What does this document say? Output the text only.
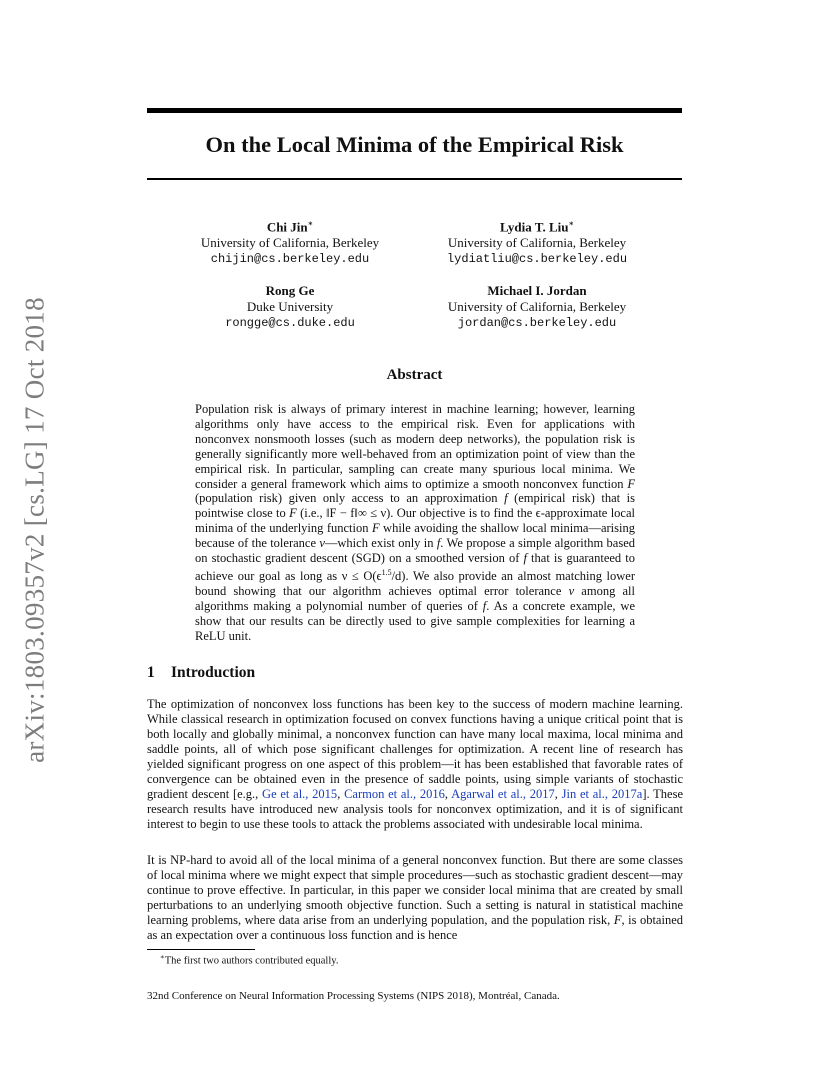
arXiv:1803.09357v2 [cs.LG] 17 Oct 2018
On the Local Minima of the Empirical Risk
Chi Jin∗
University of California, Berkeley
chijin@cs.berkeley.edu
Lydia T. Liu∗
University of California, Berkeley
lydiatliu@cs.berkeley.edu
Rong Ge
Duke University
rongge@cs.duke.edu
Michael I. Jordan
University of California, Berkeley
jordan@cs.berkeley.edu
Abstract
Population risk is always of primary interest in machine learning; however, learning algorithms only have access to the empirical risk. Even for applications with nonconvex nonsmooth losses (such as modern deep networks), the population risk is generally significantly more well-behaved from an optimization point of view than the empirical risk. In particular, sampling can create many spurious local minima. We consider a general framework which aims to optimize a smooth nonconvex function F (population risk) given only access to an approximation f (empirical risk) that is pointwise close to F (i.e., ‖F − f‖∞ ≤ ν). Our objective is to find the ϵ-approximate local minima of the underlying function F while avoiding the shallow local minima—arising because of the tolerance ν—which exist only in f. We propose a simple algorithm based on stochastic gradient descent (SGD) on a smoothed version of f that is guaranteed to achieve our goal as long as $\nu \le O(\epsilon^{1.5}/d)$. We also provide an almost matching lower bound showing that our algorithm achieves optimal error tolerance ν among all algorithms making a polynomial number of queries of f. As a concrete example, we show that our results can be directly used to give sample complexities for learning a ReLU unit.
1 Introduction
The optimization of nonconvex loss functions has been key to the success of modern machine learning. While classical research in optimization focused on convex functions having a unique critical point that is both locally and globally minimal, a nonconvex function can have many local maxima, local minima and saddle points, all of which pose significant challenges for optimization. A recent line of research has yielded significant progress on one aspect of this problem—it has been established that favorable rates of convergence can be obtained even in the presence of saddle points, using simple variants of stochastic gradient descent [e.g., Ge et al., 2015, Carmon et al., 2016, Agarwal et al., 2017, Jin et al., 2017a]. These research results have introduced new analysis tools for nonconvex optimization, and it is of significant interest to begin to use these tools to attack the problems associated with undesirable local minima.
It is NP-hard to avoid all of the local minima of a general nonconvex function. But there are some classes of local minima where we might expect that simple procedures—such as stochastic gradient descent—may continue to prove effective. In particular, in this paper we consider local minima that are created by small perturbations to an underlying smooth objective function. Such a setting is natural in statistical machine learning problems, where data arise from an underlying population, and the population risk, F, is obtained as an expectation over a continuous loss function and is hence
∗The first two authors contributed equally.
32nd Conference on Neural Information Processing Systems (NIPS 2018), Montréal, Canada.
